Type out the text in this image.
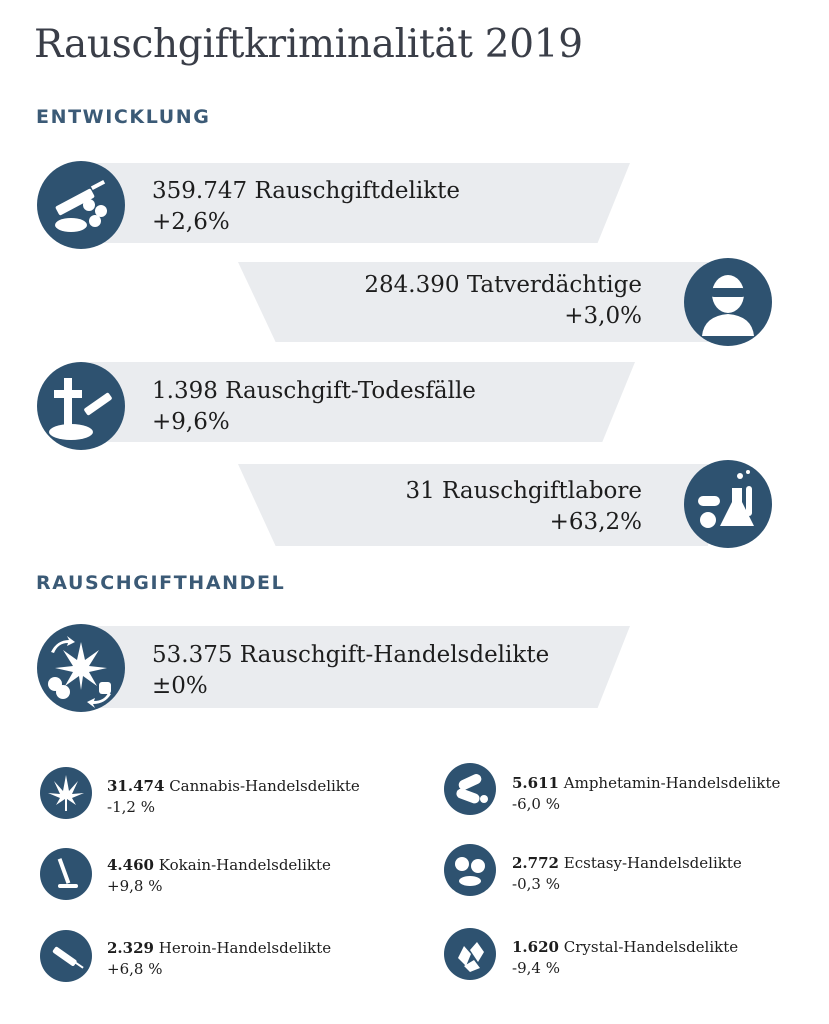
Rauschgiftkriminalität 2019
ENTWICKLUNG
359.747 Rauschgiftdelikte
+2,6%
284.390 Tatverdächtige
+3,0%
1.398 Rauschgift-Todesfälle
+9,6%
31 Rauschgiftlabore
+63,2%
RAUSCHGIFTHANDEL
53.375 Rauschgift-Handelsdelikte
±0%
31.474 Cannabis-Handelsdelikte
-1,2 %
4.460 Kokain-Handelsdelikte
+9,8 %
2.329 Heroin-Handelsdelikte
+6,8 %
5.611 Amphetamin-Handelsdelikte
-6,0 %
2.772 Ecstasy-Handelsdelikte
-0,3 %
1.620 Crystal-Handelsdelikte
-9,4 %
